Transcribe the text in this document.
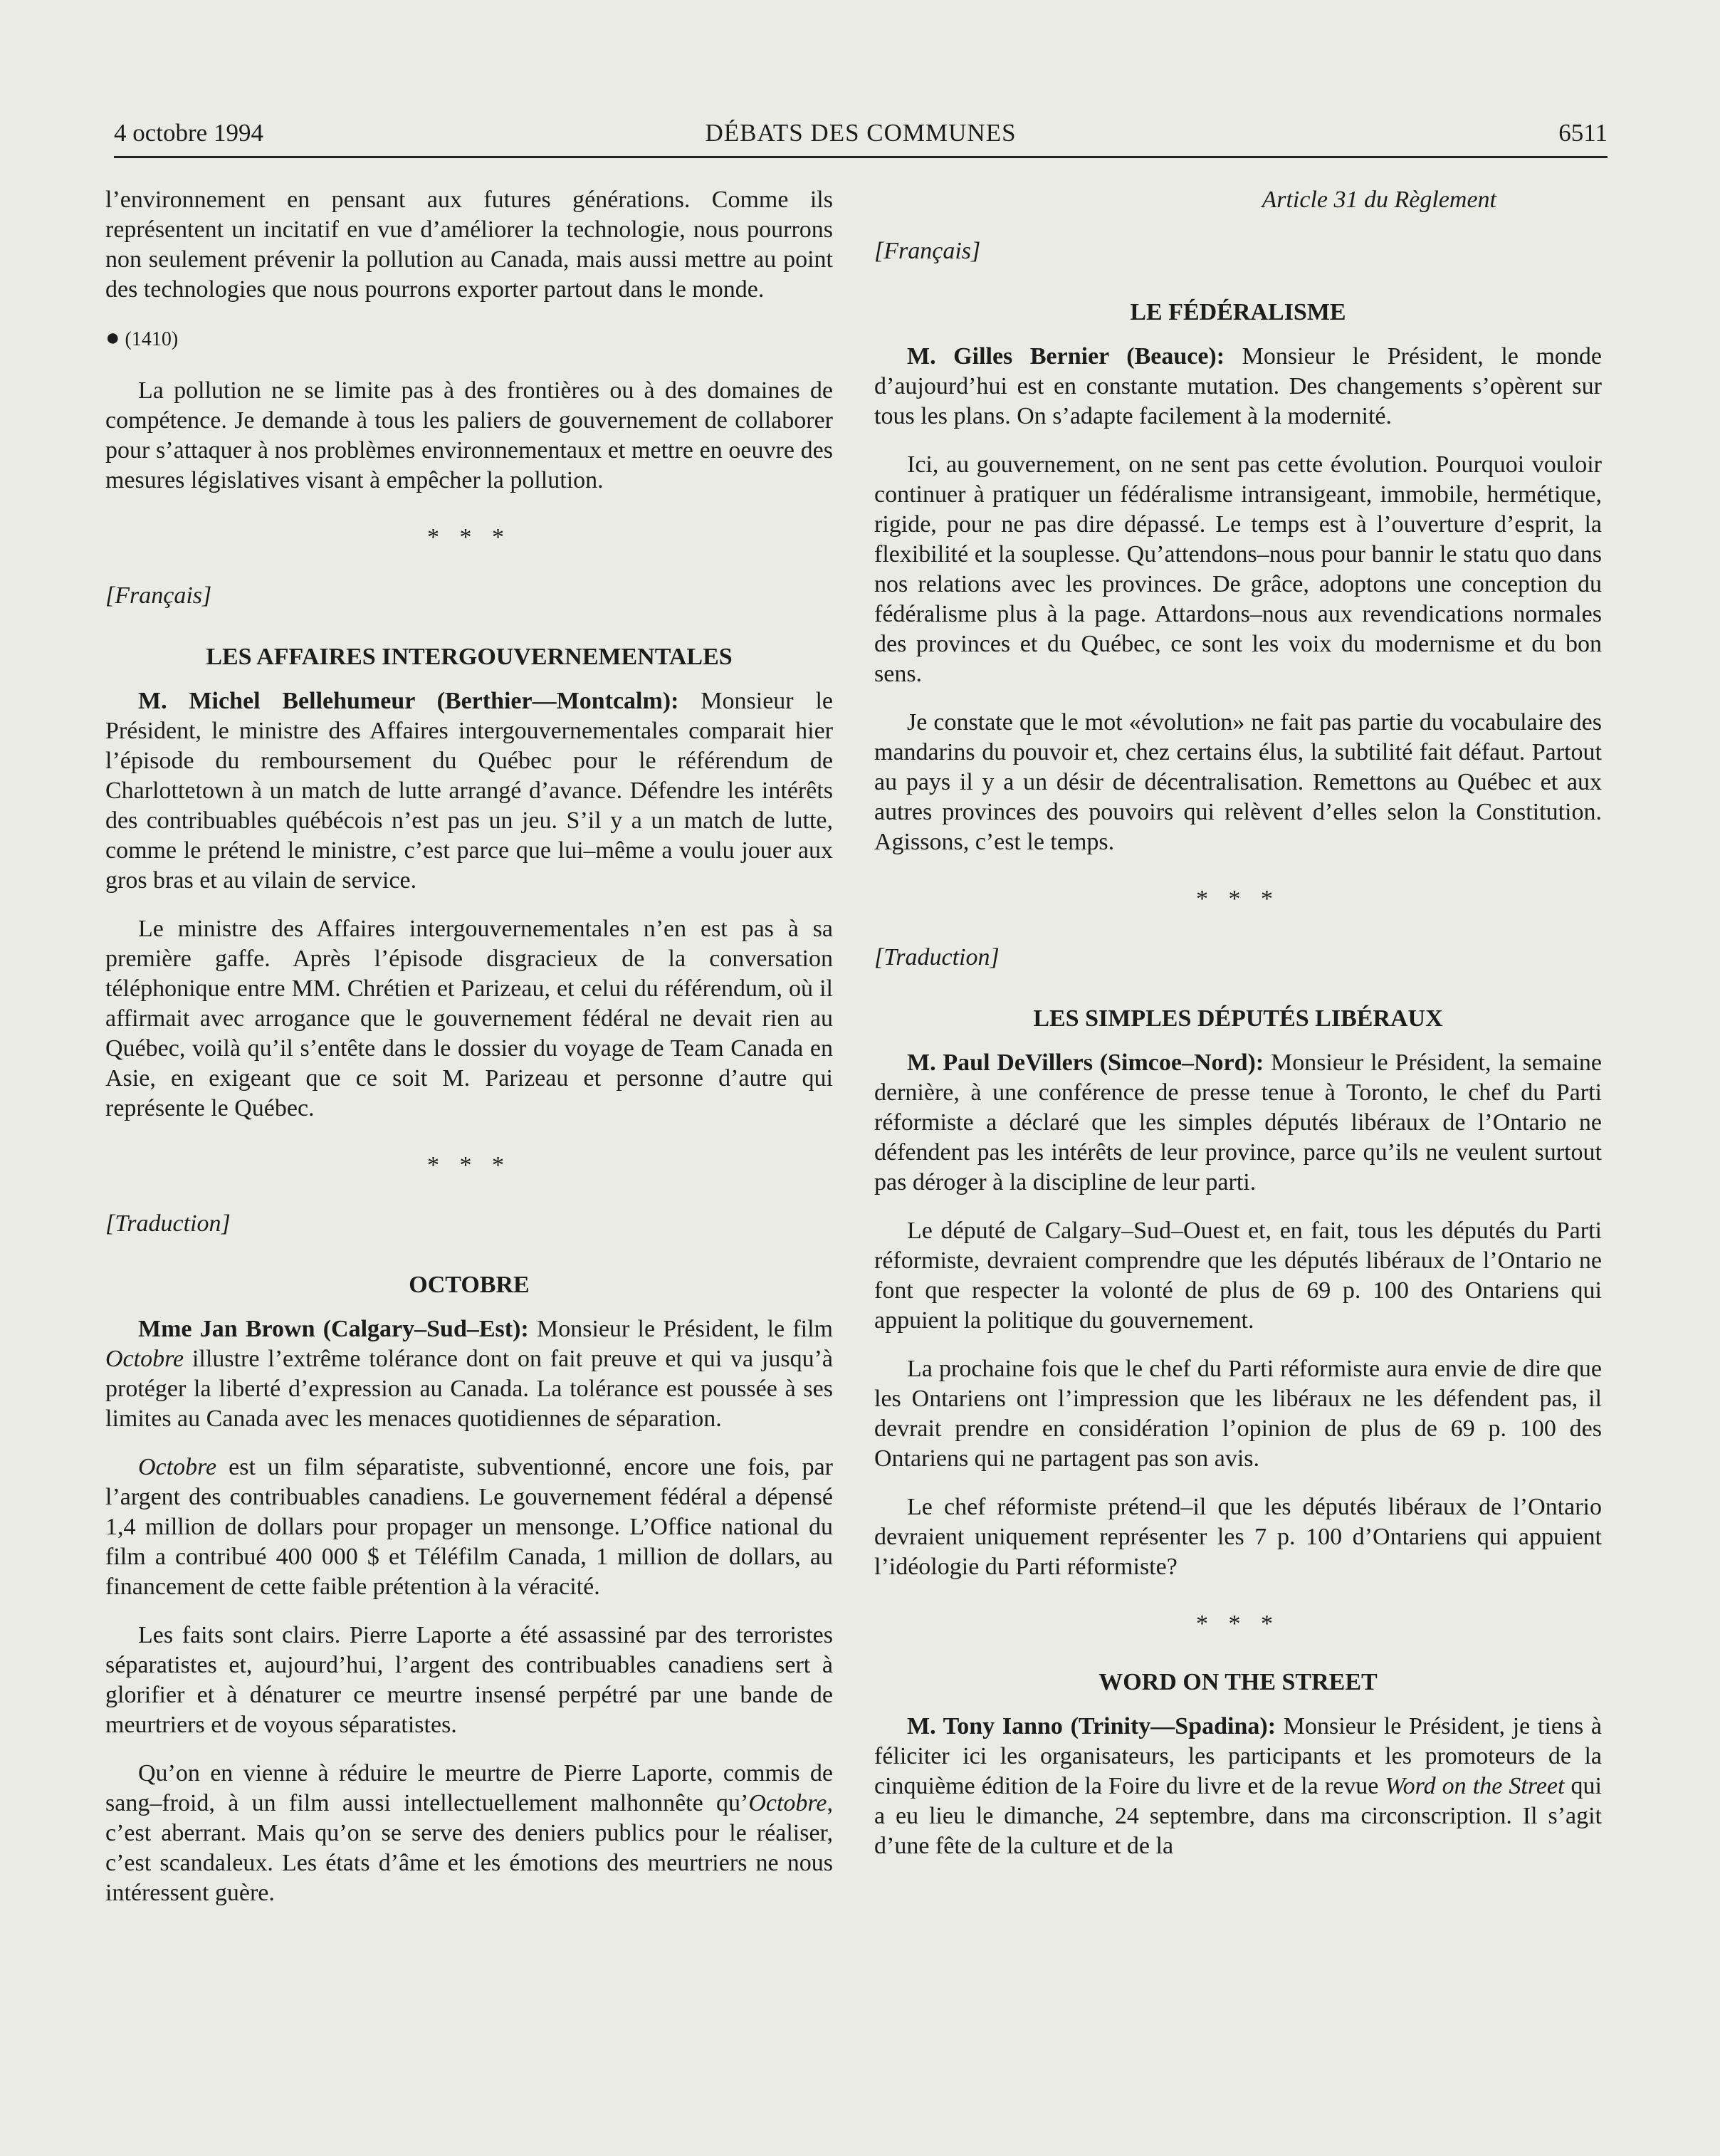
4 octobre 1994	DÉBATS DES COMMUNES	6511

l’environnement en pensant aux futures générations. Comme ils représentent un incitatif en vue d’améliorer la technologie, nous pourrons non seulement prévenir la pollution au Canada, mais aussi mettre au point des technologies que nous pourrons exporter partout dans le monde.

● (1410)

La pollution ne se limite pas à des frontières ou à des domaines de compétence. Je demande à tous les paliers de gouvernement de collaborer pour s’attaquer à nos problèmes environnementaux et mettre en oeuvre des mesures législatives visant à empêcher la pollution.

* * *
[Français]
LES AFFAIRES INTERGOUVERNEMENTALES

M. Michel Bellehumeur (Berthier—Montcalm): Monsieur le Président, le ministre des Affaires intergouvernementales comparait hier l’épisode du remboursement du Québec pour le référendum de Charlottetown à un match de lutte arrangé d’avance. Défendre les intérêts des contribuables québécois n’est pas un jeu. S’il y a un match de lutte, comme le prétend le ministre, c’est parce que lui–même a voulu jouer aux gros bras et au vilain de service.

Le ministre des Affaires intergouvernementales n’en est pas à sa première gaffe. Après l’épisode disgracieux de la conversation téléphonique entre MM. Chrétien et Parizeau, et celui du référendum, où il affirmait avec arrogance que le gouvernement fédéral ne devait rien au Québec, voilà qu’il s’entête dans le dossier du voyage de Team Canada en Asie, en exigeant que ce soit M. Parizeau et personne d’autre qui représente le Québec.

* * *
[Traduction]
OCTOBRE

Mme Jan Brown (Calgary–Sud–Est): Monsieur le Président, le film Octobre illustre l’extrême tolérance dont on fait preuve et qui va jusqu’à protéger la liberté d’expression au Canada. La tolérance est poussée à ses limites au Canada avec les menaces quotidiennes de séparation.

Octobre est un film séparatiste, subventionné, encore une fois, par l’argent des contribuables canadiens. Le gouvernement fédéral a dépensé 1,4 million de dollars pour propager un mensonge. L’Office national du film a contribué 400 000 $ et Téléfilm Canada, 1 million de dollars, au financement de cette faible prétention à la véracité.

Les faits sont clairs. Pierre Laporte a été assassiné par des terroristes séparatistes et, aujourd’hui, l’argent des contribuables canadiens sert à glorifier et à dénaturer ce meurtre insensé perpétré par une bande de meurtriers et de voyous séparatistes.

Qu’on en vienne à réduire le meurtre de Pierre Laporte, commis de sang–froid, à un film aussi intellectuellement malhonnête qu’Octobre, c’est aberrant. Mais qu’on se serve des deniers publics pour le réaliser, c’est scandaleux. Les états d’âme et les émotions des meurtriers ne nous intéressent guère.

Article 31 du Règlement
[Français]
LE FÉDÉRALISME

M. Gilles Bernier (Beauce): Monsieur le Président, le monde d’aujourd’hui est en constante mutation. Des changements s’opèrent sur tous les plans. On s’adapte facilement à la modernité.

Ici, au gouvernement, on ne sent pas cette évolution. Pourquoi vouloir continuer à pratiquer un fédéralisme intransigeant, immobile, hermétique, rigide, pour ne pas dire dépassé. Le temps est à l’ouverture d’esprit, la flexibilité et la souplesse. Qu’attendons–nous pour bannir le statu quo dans nos relations avec les provinces. De grâce, adoptons une conception du fédéralisme plus à la page. Attardons–nous aux revendications normales des provinces et du Québec, ce sont les voix du modernisme et du bon sens.

Je constate que le mot «évolution» ne fait pas partie du vocabulaire des mandarins du pouvoir et, chez certains élus, la subtilité fait défaut. Partout au pays il y a un désir de décentralisation. Remettons au Québec et aux autres provinces des pouvoirs qui relèvent d’elles selon la Constitution. Agissons, c’est le temps.

* * *
[Traduction]
LES SIMPLES DÉPUTÉS LIBÉRAUX

M. Paul DeVillers (Simcoe–Nord): Monsieur le Président, la semaine dernière, à une conférence de presse tenue à Toronto, le chef du Parti réformiste a déclaré que les simples députés libéraux de l’Ontario ne défendent pas les intérêts de leur province, parce qu’ils ne veulent surtout pas déroger à la discipline de leur parti.

Le député de Calgary–Sud–Ouest et, en fait, tous les députés du Parti réformiste, devraient comprendre que les députés libéraux de l’Ontario ne font que respecter la volonté de plus de 69 p. 100 des Ontariens qui appuient la politique du gouvernement.

La prochaine fois que le chef du Parti réformiste aura envie de dire que les Ontariens ont l’impression que les libéraux ne les défendent pas, il devrait prendre en considération l’opinion de plus de 69 p. 100 des Ontariens qui ne partagent pas son avis.

Le chef réformiste prétend–il que les députés libéraux de l’Ontario devraient uniquement représenter les 7 p. 100 d’Ontariens qui appuient l’idéologie du Parti réformiste?

* * *
WORD ON THE STREET

M. Tony Ianno (Trinity—Spadina): Monsieur le Président, je tiens à féliciter ici les organisateurs, les participants et les promoteurs de la cinquième édition de la Foire du livre et de la revue Word on the Street qui a eu lieu le dimanche, 24 septembre, dans ma circonscription. Il s’agit d’une fête de la culture et de la
